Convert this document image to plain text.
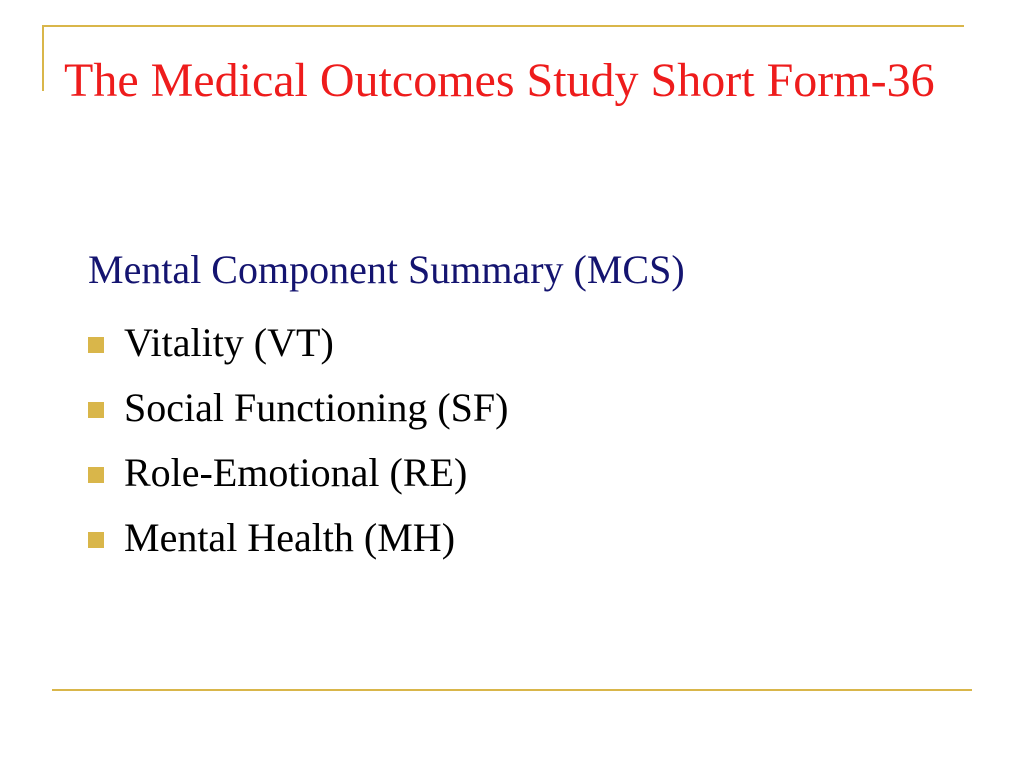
The Medical Outcomes Study Short Form-36
Mental Component Summary (MCS)
Vitality (VT)
Social Functioning (SF)
Role-Emotional (RE)
Mental Health (MH)
